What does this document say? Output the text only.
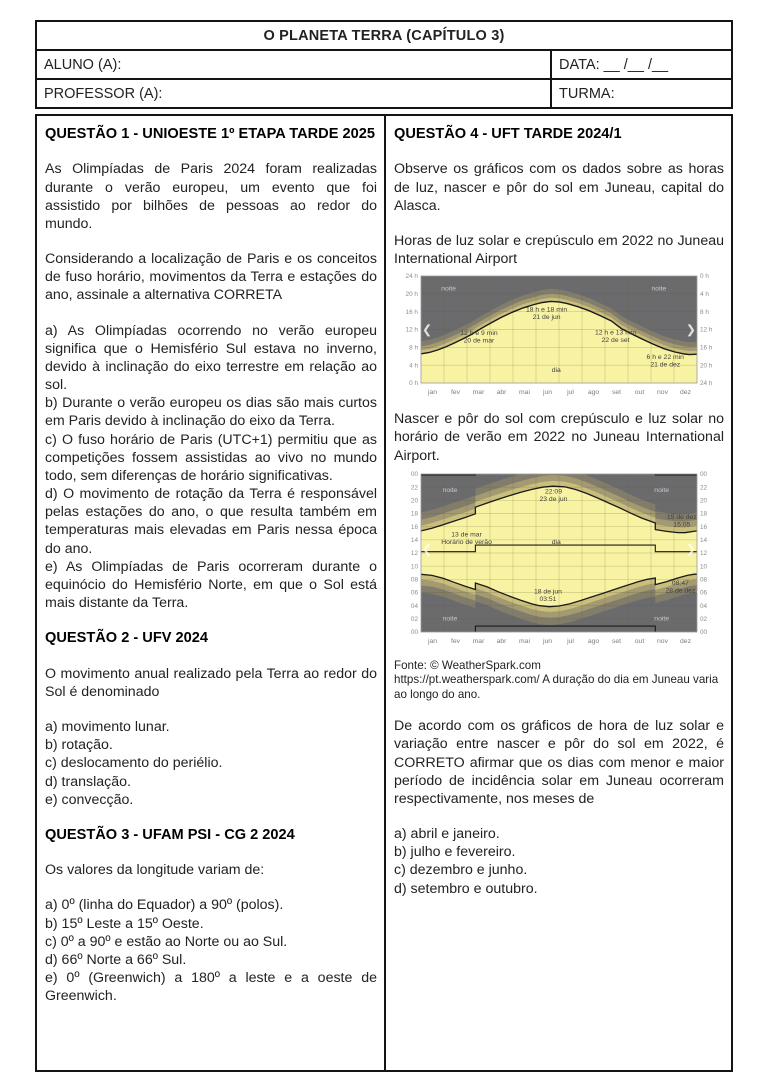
O PLANETA TERRA (CAPÍTULO 3)	
ALUNO (A):	DATA: __ /__ /__
PROFESSOR (A):	TURMA:
QUESTÃO 1 - UNIOESTE 1º ETAPA TARDE 2025
As Olimpíadas de Paris 2024 foram realizadas durante o verão europeu, um evento que foi assistido por bilhões de pessoas ao redor do mundo.
Considerando a localização de Paris e os conceitos de fuso horário, movimentos da Terra e estações do ano, assinale a alternativa CORRETA
a) As Olimpíadas ocorrendo no verão europeu significa que o Hemisfério Sul estava no inverno, devido à inclinação do eixo terrestre em relação ao sol.
b) Durante o verão europeu os dias são mais curtos em Paris devido à inclinação do eixo da Terra.
c) O fuso horário de Paris (UTC+1) permitiu que as competições fossem assistidas ao vivo no mundo todo, sem diferenças de horário significativas.
d) O movimento de rotação da Terra é responsável pelas estações do ano, o que resulta também em temperaturas mais elevadas em Paris nessa época do ano.
e) As Olimpíadas de Paris ocorreram durante o equinócio do Hemisfério Norte, em que o Sol está mais distante da Terra.
QUESTÃO 2 - UFV 2024
O movimento anual realizado pela Terra ao redor do Sol é denominado
a) movimento lunar.
b) rotação.
c) deslocamento do periélio.
d) translação.
e) convecção.
QUESTÃO 3 - UFAM PSI - CG 2 2024
Os valores da longitude variam de:
a) 0º (linha do Equador) a 90º (polos).
b) 15º Leste a 15º Oeste.
c) 0º a 90º e estão ao Norte ou ao Sul.
d) 66º Norte a 66º Sul.
e) 0º (Greenwich) a 180º a leste e a oeste de Greenwich.
QUESTÃO 4 - UFT TARDE 2024/1
Observe os gráficos com os dados sobre as horas de luz, nascer e pôr do sol em Juneau, capital do Alasca.
Horas de luz solar e crepúsculo em 2022 no Juneau International Airport
noite	noite
dia
12 h e 9 min
20 de mar
18 h e 18 min
21 de jun
12 h e 13 min
22 de set
6 h e 22 min
21 de dez
❮	❯
0 h	24 h
4 h	20 h
8 h	16 h
12 h	12 h
16 h	8 h
20 h	4 h
24 h	0 h
jan fev mar abr mai jun jul ago set out nov dez
Nascer e pôr do sol com crepúsculo e luz solar no horário de verão em 2022 no Juneau International Airport.
noite	noite
noite	noite
dia
22:09
23 de jun
13 de mar
Horário de verão
18 de jun
03:51
15 de dez
15:05
08:47
28 de dez
❮	❯
00	00
02	02
04	04
06	06
08	08
10	10
12	12
14	14
16	16
18	18
20	20
22	22
00	00
jan fev mar abr mai jun jul ago set out nov dez
Fonte: © WeatherSpark.com
https://pt.weatherspark.com/ A duração do dia em Juneau varia ao longo do ano.
De acordo com os gráficos de hora de luz solar e variação entre nascer e pôr do sol em 2022, é CORRETO afirmar que os dias com menor e maior período de incidência solar em Juneau ocorreram respectivamente, nos meses de
a) abril e janeiro.
b) julho e fevereiro.
c) dezembro e junho.
d) setembro e outubro.
